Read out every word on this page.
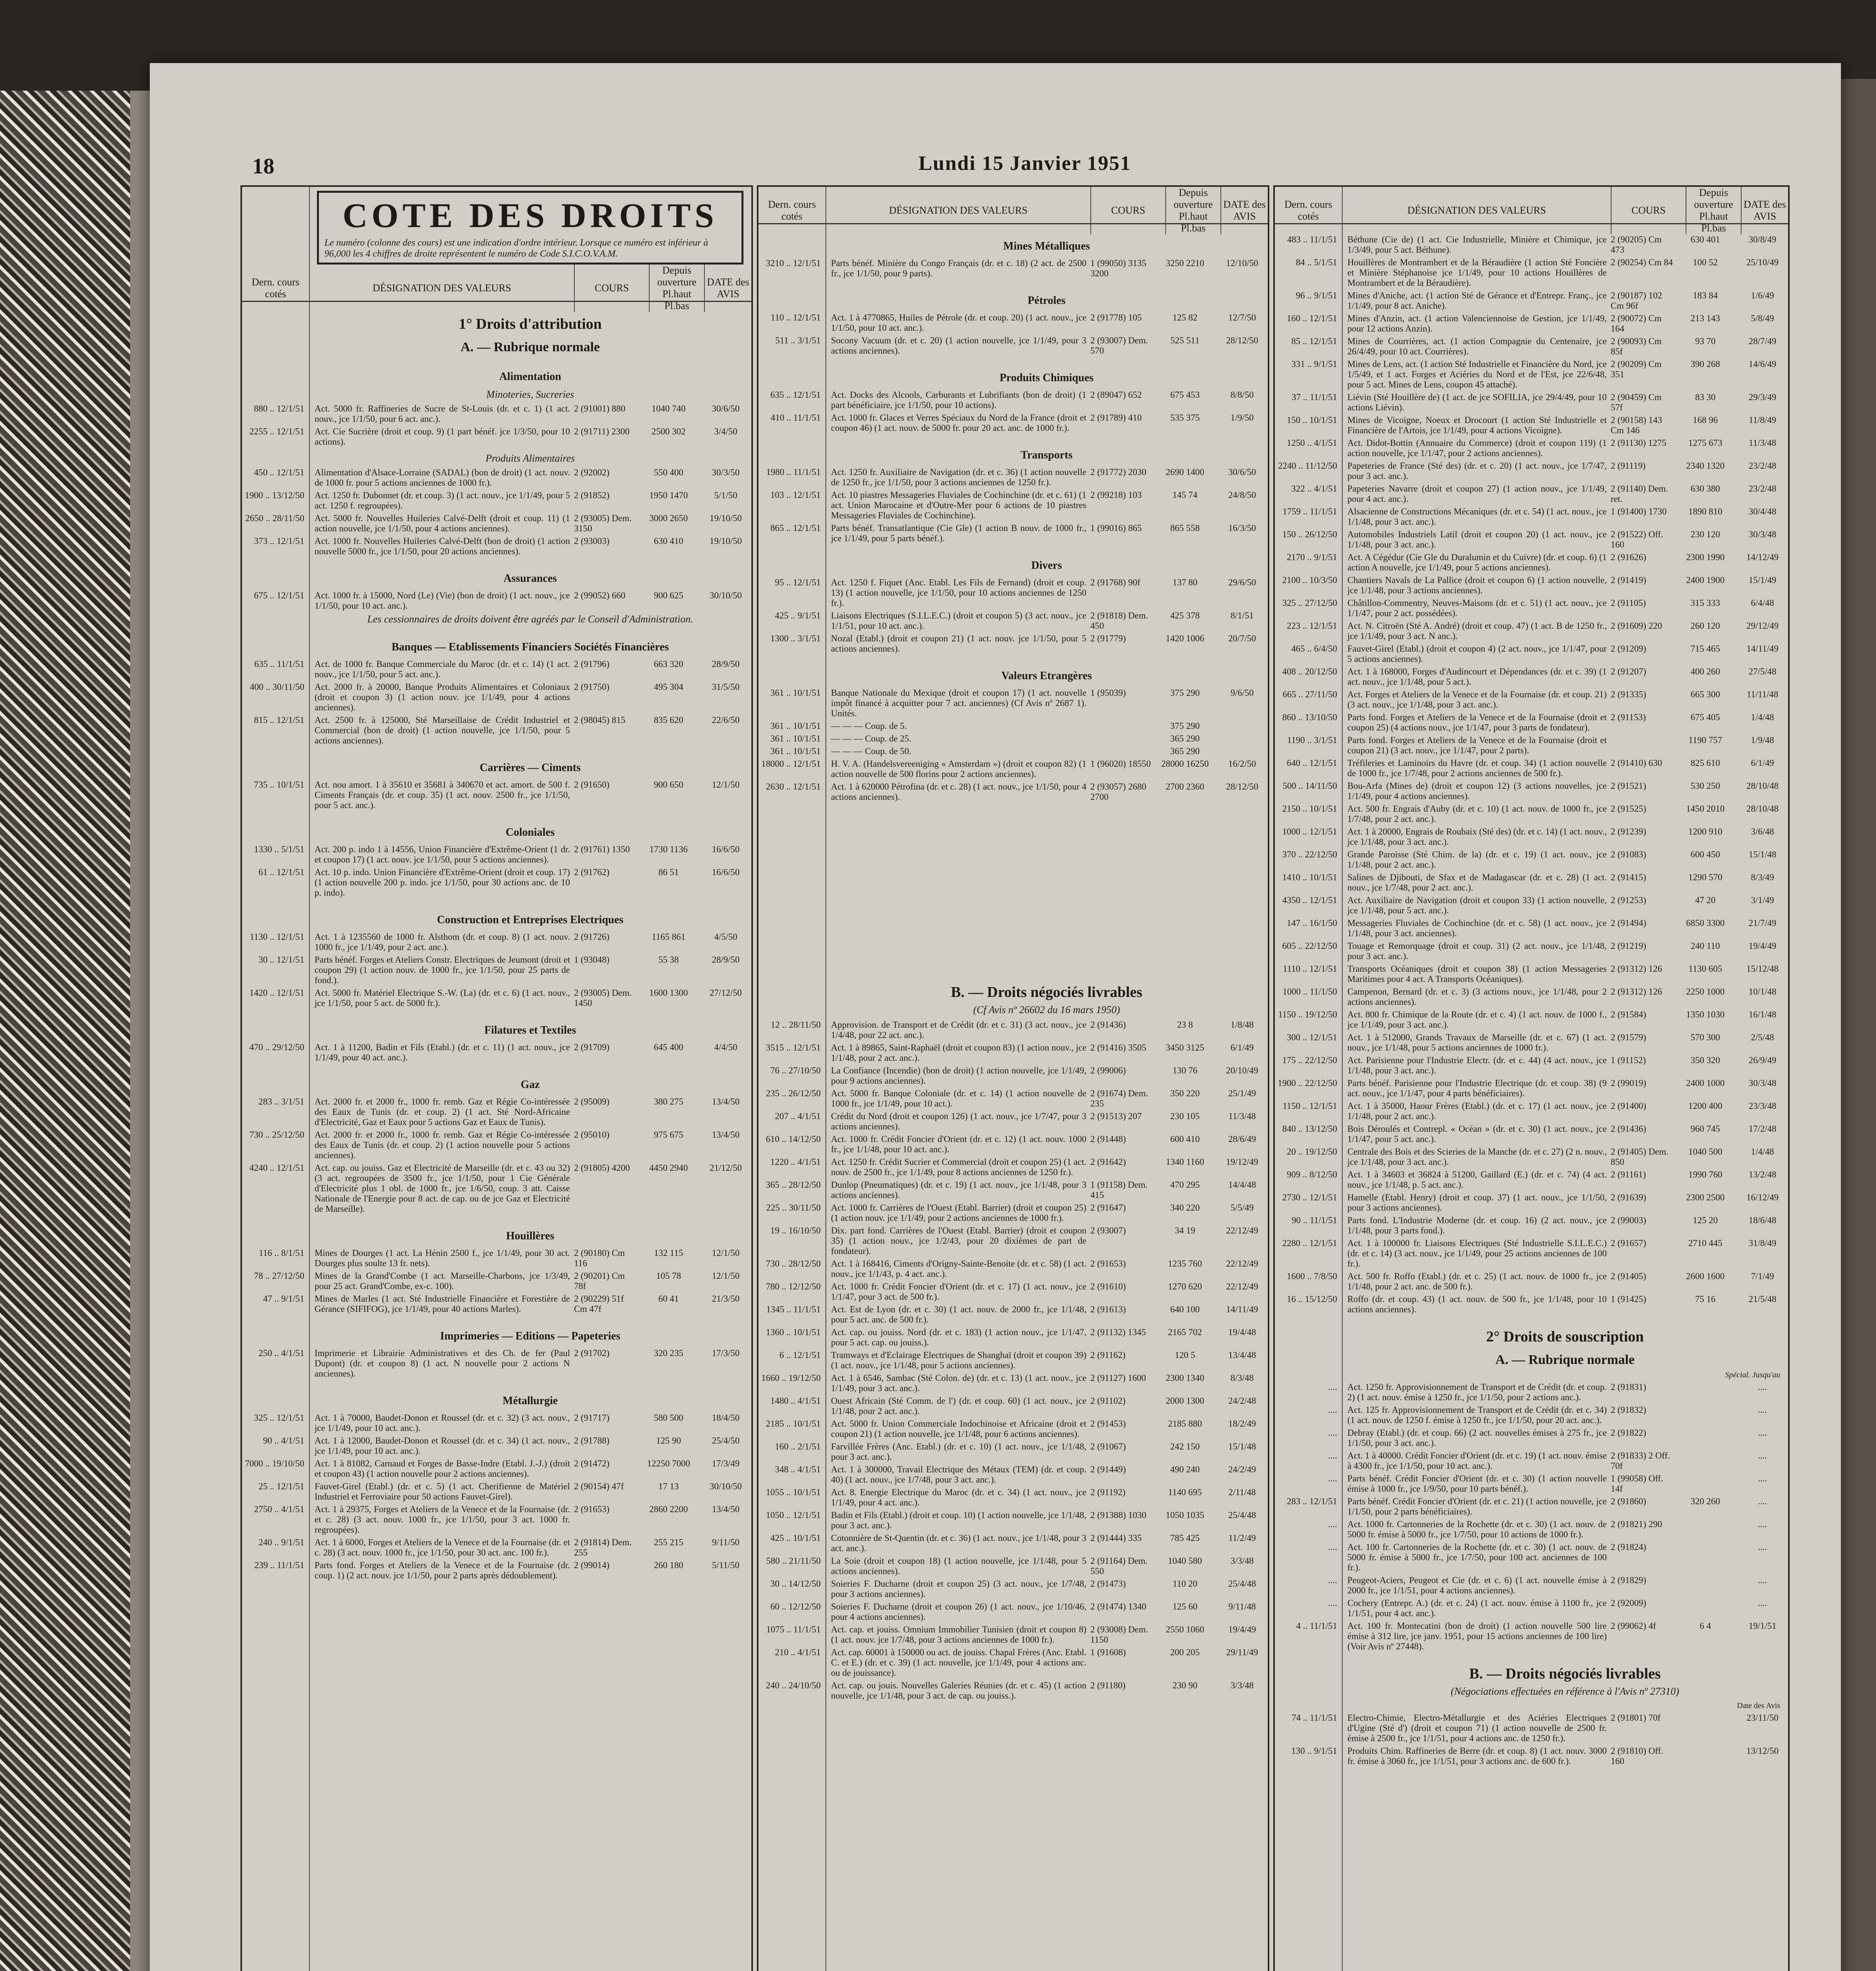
18	Lundi 15 Janvier 1951
COTE DES DROITS

Le numéro (colonne des cours) est une indication d'ordre intérieur. Lorsque ce numéro est inférieur à 96,000 les 4 chiffres de droite représentent le numéro de Code S.I.C.O.V.A.M.

Dern. cours cotés
DÉSIGNATION DES VALEURS	COURS
Depuis ouverture Pl.haut Pl.bas
DATE des AVIS
1° Droits d'attribution
A. — Rubrique normale
Alimentation
Minoteries, Sucreries
880 .. 12/1/51	Act. 5000 fr. Raffineries de Sucre de St-Louis (dr. et c. 1) (1 act. nouv., jce 1/1/50, pour 6 act. anc.).
2 (91001) 880	1040 740	30/6/50
2255 .. 12/1/51	Act. Cie Sucrière (droit et coup. 9) (1 part bénéf. jce 1/3/50, pour 10 actions).
2 (91711) 2300	2500 302	3/4/50
Produits Alimentaires
450 .. 12/1/51	Alimentation d'Alsace-Lorraine (SADAL) (bon de droit) (1 act. nouv. de 1000 fr. pour 5 actions anciennes de 1000 fr.).
2 (92002)	550 400	30/3/50
1900 .. 13/12/50	Act. 1250 fr. Dubonnet (dr. et coup. 3) (1 act. nouv., jce 1/1/49, pour 5 act. 1250 f. regroupées).
2 (91852)	1950 1470	5/1/50
2650 .. 28/11/50	Act. 5000 fr. Nouvelles Huileries Calvé-Delft (droit et coup. 11) (1 action nouvelle, jce 1/1/50, pour 4 actions anciennes).
2 (93005) Dem. 3150
3000 2650	19/10/50
373 .. 12/1/51	Act. 1000 fr. Nouvelles Huileries Calvé-Delft (bon de droit) (1 action nouvelle 5000 fr., jce 1/1/50, pour 20 actions anciennes).
2 (93003)	630 410	19/10/50
Assurances
675 .. 12/1/51	Act. 1000 fr. à 15000, Nord (Le) (Vie) (bon de droit) (1 act. nouv., jce 1/1/50, pour 10 act. anc.).
2 (99052) 660	900 625	30/10/50
Les cessionnaires de droits doivent être agréés par le Conseil d'Administration.
Banques — Etablissements Financiers Sociétés Financières
635 .. 11/1/51	Act. de 1000 fr. Banque Commerciale du Maroc (dr. et c. 14) (1 act. nouv., jce 1/1/50, pour 5 act. anc.).
2 (91796)	663 320	28/9/50
400 .. 30/11/50	Act. 2000 fr. à 20000, Banque Produits Alimentaires et Coloniaux (droit et coupon 3) (1 action nouv. jce 1/1/49, pour 4 actions anciennes).
2 (91750)	495 304	31/5/50
815 .. 12/1/51	Act. 2500 fr. à 125000, Sté Marseillaise de Crédit Industriel et Commercial (bon de droit) (1 action nouvelle, jce 1/1/50, pour 5 actions anciennes).
2 (98045) 815	835 620	22/6/50
Carrières — Ciments
735 .. 10/1/51	Act. nou amort. 1 à 35610 et 35681 à 340670 et act. amort. de 500 f. Ciments Français (dr. et coup. 35) (1 act. nouv. 2500 fr., jce 1/1/50, pour 5 act. anc.).
2 (91650)	900 650	12/1/50
Coloniales
1330 .. 5/1/51	Act. 200 p. indo 1 à 14556, Union Financière d'Extrême-Orient (1 dr. et coupon 17) (1 act. nouv. jce 1/1/50, pour 5 actions anciennes).
2 (91761) 1350	1730 1136	16/6/50
61 .. 12/1/51	Act. 10 p. indo. Union Financière d'Extrême-Orient (droit et coup. 17) (1 action nouvelle 200 p. indo. jce 1/1/50, pour 30 actions anc. de 10 p. indo).
2 (91762)	86 51	16/6/50
Construction et Entreprises Electriques
1130 .. 12/1/51	Act. 1 à 1235560 de 1000 fr. Alsthom (dr. et coup. 8) (1 act. nouv. 1000 fr., jce 1/1/49, pour 2 act. anc.).
2 (91726)	1165 861	4/5/50
30 .. 12/1/51	Parts bénéf. Forges et Ateliers Constr. Electriques de Jeumont (droit et coupon 29) (1 action nouv. de 1000 fr., jce 1/1/50, pour 25 parts de fond.).
1 (93048)	55 38	28/9/50
1420 .. 12/1/51	Act. 5000 fr. Matériel Electrique S.-W. (La) (dr. et c. 6) (1 act. nouv., jce 1/1/50, pour 5 act. de 5000 fr.).
2 (93005) Dem. 1450
1600 1300	27/12/50
Filatures et Textiles
470 .. 29/12/50	Act. 1 à 11200, Badin et Fils (Etabl.) (dr. et c. 11) (1 act. nouv., jce 1/1/49, pour 40 act. anc.).
2 (91709)	645 400	4/4/50
Gaz
283 .. 3/1/51	Act. 2000 fr. et 2000 fr., 1000 fr. remb. Gaz et Régie Co-intéressée des Eaux de Tunis (dr. et coup. 2) (1 act. Sté Nord-Africaine d'Electricité, Gaz et Eaux pour 5 actions Gaz et Eaux de Tunis).
2 (95009)	380 275	13/4/50
730 .. 25/12/50	Act. 2000 fr. et 2000 fr., 1000 fr. remb. Gaz et Régie Co-intéressée des Eaux de Tunis (dr. et coup. 2) (1 action nouvelle pour 5 actions anciennes).
2 (95010)	975 675	13/4/50
4240 .. 12/1/51	Act. cap. ou jouiss. Gaz et Electricité de Marseille (dr. et c. 43 ou 32) (3 act. regroupées de 3500 fr., jce 1/1/50, pour 1 Cie Générale d'Electricité plus 1 obl. de 1000 fr., jce 1/6/50, coup. 3 att. Caisse Nationale de l'Energie pour 8 act. de cap. ou de jce Gaz et Electricité de Marseille).
2 (91805) 4200	4450 2940	21/12/50
Houillères
116 .. 8/1/51	Mines de Dourges (1 act. La Hénin 2500 f., jce 1/1/49, pour 30 act. Dourges plus soulte 13 fr. nets).
2 (90180) Cm 116
132 115	12/1/50
78 .. 27/12/50	Mines de la Grand'Combe (1 act. Marseille-Charbons, jce 1/3/49, pour 25 act. Grand'Combe, ex-c. 100).
2 (90201) Cm 78f
105 78	12/1/50
47 .. 9/1/51	Mines de Marles (1 act. Sté Industrielle Financière et Forestière de Gérance (SIFIFOG), jce 1/1/49, pour 40 actions Marles).
2 (90229) 51f Cm 47f
60 41	21/3/50
Imprimeries — Editions — Papeteries
250 .. 4/1/51	Imprimerie et Librairie Administratives et des Ch. de fer (Paul Dupont) (dr. et coupon 8) (1 act. N nouvelle pour 2 actions N anciennes).
2 (91702)	320 235	17/3/50
Métallurgie
325 .. 12/1/51	Act. 1 à 70000, Baudet-Donon et Roussel (dr. et c. 32) (3 act. nouv., jce 1/1/49, pour 10 act. anc.).
2 (91717)	580 500	18/4/50
90 .. 4/1/51	Act. 1 à 12000, Baudet-Donon et Roussel (dr. et c. 34) (1 act. nouv., jce 1/1/49, pour 10 act. anc.).
2 (91788)	125 90	25/4/50
7000 .. 19/10/50	Act. 1 à 81082, Carnaud et Forges de Basse-Indre (Etabl. J.-J.) (droit et coupon 43) (1 action nouvelle pour 2 actions anciennes).
2 (91472)	12250 7000	17/3/49
25 .. 12/1/51	Fauvet-Girel (Etabl.) (dr. et c. 5) (1 act. Cherifienne de Matériel Industriel et Ferroviaire pour 50 actions Fauvet-Girel).
2 (90154) 47f	17 13	30/10/50
2750 .. 4/1/51	Act. 1 à 29375, Forges et Ateliers de la Venece et de la Fournaise (dr. et c. 28) (3 act. nouv. 1000 fr., jce 1/1/50, pour 3 act. 1000 fr. regroupées).
2 (91653)	2860 2200	13/4/50
240 .. 9/1/51	Act. 1 à 6000, Forges et Ateliers de la Venece et de la Fournaise (dr. et c. 28) (3 act. nouv. 1000 fr., jce 1/1/50, pour 30 act. anc. 100 fr.).
2 (91814) Dem. 255
255 215	9/11/50
239 .. 11/1/51	Parts fond. Forges et Ateliers de la Venece et de la Fournaise (dr. coup. 1) (2 act. nouv. jce 1/1/50, pour 2 parts après dédoublement).
2 (99014)	260 180	5/11/50
Dern. cours cotés
DÉSIGNATION DES VALEURS	COURS
Depuis ouverture Pl.haut Pl.bas
DATE des AVIS
Mines Métalliques
3210 .. 12/1/51	Parts bénéf. Minière du Congo Français (dr. et c. 18) (2 act. de 2500 fr., jce 1/1/50, pour 9 parts).
1 (99050) 3135 3200
3250 2210	12/10/50
Pétroles
110 .. 12/1/51	Act. 1 à 4770865, Huiles de Pétrole (dr. et coup. 20) (1 act. nouv., jce 1/1/50, pour 10 act. anc.).
2 (91778) 105	125 82	12/7/50
511 .. 3/1/51	Socony Vacuum (dr. et c. 20) (1 action nouvelle, jce 1/1/49, pour 3 actions anciennes).
2 (93007) Dem. 570
525 511	28/12/50
Produits Chimiques
635 .. 12/1/51	Act. Docks des Alcools, Carburants et Lubrifiants (bon de droit) (1 part bénéficiaire, jce 1/1/50, pour 10 actions).
2 (89047) 652	675 453	8/8/50
410 .. 11/1/51	Act. 1000 fr. Glaces et Verres Spéciaux du Nord de la France (droit et coupon 46) (1 act. nouv. de 5000 fr. pour 20 act. anc. de 1000 fr.).
2 (91789) 410	535 375	1/9/50
Transports
1980 .. 11/1/51	Act. 1250 fr. Auxiliaire de Navigation (dr. et c. 36) (1 action nouvelle de 1250 fr., jce 1/1/50, pour 3 actions anciennes de 1250 fr.).
2 (91772) 2030	2690 1400	30/6/50
103 .. 12/1/51	Act. 10 piastres Messageries Fluviales de Cochinchine (dr. et c. 61) (1 act. Union Marocaine et d'Outre-Mer pour 6 actions de 10 piastres Messageries Fluviales de Cochinchine).
2 (99218) 103	145 74	24/8/50
865 .. 12/1/51	Parts bénéf. Transatlantique (Cie Gle) (1 action B nouv. de 1000 fr., jce 1/1/49, pour 5 parts bénéf.).
1 (99016) 865	865 558	16/3/50
Divers
95 .. 12/1/51	Act. 1250 f. Fiquet (Anc. Etabl. Les Fils de Fernand) (droit et coup. 13) (1 action nouvelle, jce 1/1/50, pour 10 actions anciennes de 1250 fr.).
2 (91768) 90f	137 80	29/6/50
425 .. 9/1/51	Liaisons Electriques (S.I.L.E.C.) (droit et coupon 5) (3 act. nouv., jce 1/1/51, pour 10 act. anc.).
2 (91818) Dem. 450
425 378	8/1/51
1300 .. 3/1/51	Nozal (Etabl.) (droit et coupon 21) (1 act. nouv. jce 1/1/50, pour 5 actions anciennes).
2 (91779)	1420 1006	20/7/50
Valeurs Etrangères
361 .. 10/1/51	Banque Nationale du Mexique (droit et coupon 17) (1 act. nouvelle impôt financé à acquitter pour 7 act. anciennes) (Cf Avis nº 2687 1). Unités.
1 (95039)	375 290	9/6/50
361 .. 10/1/51	— — — Coup. de 5.	375 290
361 .. 10/1/51	— — — Coup. de 25.	365 290
361 .. 10/1/51	— — — Coup. de 50.	365 290
18000 .. 12/1/51	H. V. A. (Handelsvereeniging « Amsterdam ») (droit et coupon 82) (1 action nouvelle de 500 florins pour 2 actions anciennes).
1 (96020) 18550	28000 16250	16/2/50
2630 .. 12/1/51	Act. 1 à 620000 Pétrofina (dr. et c. 28) (1 act. nouv., jce 1/1/50, pour 4 actions anciennes).
2 (93057) 2680 2700
2700 2360	28/12/50
B. — Droits négociés livrables
(Cf Avis nº 26602 du 16 mars 1950)
12 .. 28/11/50	Approvision. de Transport et de Crédit (dr. et c. 31) (3 act. nouv., jce 1/4/48, pour 22 act. anc.).
2 (91436)	23 8	1/8/48
3515 .. 12/1/51	Act. 1 à 89865, Saint-Raphaël (droit et coupon 83) (1 action nouv., jce 1/1/48, pour 2 act. anc.).
2 (91416) 3505	3450 3125	6/1/49
76 .. 27/10/50	La Confiance (Incendie) (bon de droit) (1 action nouvelle, jce 1/1/49, pour 9 actions anciennes).
2 (99006)	130 76	20/10/49
235 .. 26/12/50	Act. 5000 fr. Banque Coloniale (dr. et c. 14) (1 action nouvelle de 1000 fr., jce 1/1/49, pour 10 act.).
2 (91674) Dem. 235
350 220	25/1/49
207 .. 4/1/51	Crédit du Nord (droit et coupon 126) (1 act. nouv., jce 1/7/47, pour 3 actions anciennes).
2 (91513) 207	230 105	11/3/48
610 .. 14/12/50	Act. 1000 fr. Crédit Foncier d'Orient (dr. et c. 12) (1 act. nouv. 1000 fr., jce 1/1/48, pour 10 act. anc.).
2 (91448)	600 410	28/6/49
1220 .. 4/1/51	Act. 1250 fr. Crédit Sucrier et Commercial (droit et coupon 25) (1 act. nouv. de 2500 fr., jce 1/1/49, pour 8 actions anciennes de 1250 fr.).
2 (91642)	1340 1160	19/12/49
365 .. 28/12/50	Dunlop (Pneumatiques) (dr. et c. 19) (1 act. nouv., jce 1/1/48, pour 3 actions anciennes).
1 (91158) Dem. 415
470 295	14/4/48
225 .. 30/11/50	Act. 1000 fr. Carrières de l'Ouest (Etabl. Barrier) (droit et coupon 25) (1 action nouv. jce 1/1/49, pour 2 actions anciennes de 1000 fr.).
2 (91647)	340 220	5/5/49
19 .. 16/10/50	Dix. part fond. Carrières de l'Ouest (Etabl. Barrier) (droit et coupon 35) (1 action nouv., jce 1/2/43, pour 20 dixièmes de part de fondateur).
2 (93007)	34 19	22/12/49
730 .. 28/12/50	Act. 1 à 168416, Ciments d'Origny-Sainte-Benoite (dr. et c. 58) (1 act. nouv., jce 1/1/43, p. 4 act. anc.).
2 (91653)	1235 760	22/12/49
780 .. 12/12/50	Act. 1000 fr. Crédit Foncier d'Orient (dr. et c. 17) (1 act. nouv., jce 1/1/47, pour 3 act. de 500 fr.).
2 (91610)	1270 620	22/12/49
1345 .. 11/1/51	Act. Est de Lyon (dr. et c. 30) (1 act. nouv. de 2000 fr., jce 1/1/48, pour 5 act. anc. de 500 fr.).
2 (91613)	640 100	14/11/49
1360 .. 10/1/51	Act. cap. ou jouiss. Nord (dr. et c. 183) (1 action nouv., jce 1/1/47, pour 5 act. cap. ou jouiss.).
2 (91132) 1345	2165 702	19/4/48
6 .. 12/1/51	Tramways et d'Eclairage Electriques de Shanghaï (droit et coupon 39) (1 act. nouv., jce 1/1/48, pour 5 actions anciennes).
2 (91162)	120 5	13/4/48
1660 .. 19/12/50	Act. 1 à 6546, Sambac (Sté Colon. de) (dr. et c. 13) (1 act. nouv., jce 1/1/49, pour 3 act. anc.).
2 (91127) 1600	2300 1340	8/3/48
1480 .. 4/1/51	Ouest Africain (Sté Comm. de l') (dr. et coup. 60) (1 act. nouv., jce 1/1/48, pour 2 act. anc.).
2 (91102)	2000 1300	24/2/48
2185 .. 10/1/51	Act. 5000 fr. Union Commerciale Indochinoise et Africaine (droit et coupon 21) (1 action nouvelle, jce 1/1/48, pour 6 actions anciennes).
2 (91453)	2185 880	18/2/49
160 .. 2/1/51	Farvillée Frères (Anc. Etabl.) (dr. et c. 10) (1 act. nouv., jce 1/1/48, pour 3 act. anc.).
2 (91067)	242 150	15/1/48
348 .. 4/1/51	Act. 1 à 300000, Travail Electrique des Métaux (TEM) (dr. et coup. 40) (1 act. nouv., jce 1/7/48, pour 3 act. anc.).
2 (91449)	490 240	24/2/49
1055 .. 10/1/51	Act. 8. Energie Electrique du Maroc (dr. et c. 34) (1 act. nouv., jce 1/1/49, pour 4 act. anc.).
2 (91192)	1140 695	2/11/48
1050 .. 12/1/51	Badin et Fils (Etabl.) (droit et coup. 10) (1 action nouvelle, jce 1/1/48, pour 3 act. anc.).
2 (91388) 1030	1050 1035	25/4/48
425 .. 10/1/51	Cotonnière de St-Quentin (dr. et c. 36) (1 act. nouv., jce 1/1/48, pour 3 act. anc.).
2 (91444) 335	785 425	11/2/49
580 .. 21/11/50	La Soie (droit et coupon 18) (1 action nouvelle, jce 1/1/48, pour 5 actions anciennes).
2 (91164) Dem. 550
1040 580	3/3/48
30 .. 14/12/50	Soieries F. Ducharne (droit et coupon 25) (3 act. nouv., jce 1/7/48, pour 3 actions anciennes).
2 (91473)	110 20	25/4/48
60 .. 12/12/50	Soieries F. Ducharne (droit et coupon 26) (1 act. nouv., jce 1/10/46, pour 4 actions anciennes).
2 (91474) 1340	125 60	9/11/48
1075 .. 11/1/51	Act. cap. et jouiss. Omnium Immobilier Tunisien (droit et coupon 8) (1 act. nouv. jce 1/7/48, pour 3 actions anciennes de 1000 fr.).
2 (93008) Dem. 1150
2550 1060	19/4/49
210 .. 4/1/51	Act. cap. 60001 à 150000 ou act. de jouiss. Chapal Frères (Anc. Etabl. C. et E.) (dr. et c. 39) (1 act. nouvelle, jce 1/1/49, pour 4 actions anc. ou de jouissance).
1 (91608)	200 205	29/11/49
240 .. 24/10/50	Act. cap. ou jouis. Nouvelles Galeries Réunies (dr. et c. 45) (1 action nouvelle, jce 1/1/48, pour 3 act. de cap. ou jouiss.).
2 (91180)	230 90	3/3/48
Dern. cours cotés
DÉSIGNATION DES VALEURS	COURS
Depuis ouverture Pl.haut Pl.bas
DATE des AVIS
483 .. 11/1/51	Béthune (Cie de) (1 act. Cie Industrielle, Minière et Chimique, jce 1/3/49, pour 5 act. Béthune).
2 (90205) Cm 473
630 401	30/8/49
84 .. 5/1/51	Houillères de Montrambert et de la Béraudière (1 action Sté Foncière et Minière Stéphanoise jce 1/1/49, pour 10 actions Houillères de Montrambert et de la Béraudière).
2 (90254) Cm 84	100 52	25/10/49
96 .. 9/1/51	Mines d'Aniche, act. (1 action Sté de Gérance et d'Entrepr. Franç., jce 1/1/49, pour 8 act. Aniche).
2 (90187) 102 Cm 96f
183 84	1/6/49
160 .. 12/1/51	Mines d'Anzin, act. (1 action Valenciennoise de Gestion, jce 1/1/49, pour 12 actions Anzin).
2 (90072) Cm 164
213 143	5/8/49
85 .. 12/1/51	Mines de Courrières, act. (1 action Compagnie du Centenaire, jce 26/4/49, pour 10 act. Courrières).
2 (90093) Cm 85f
93 70	28/7/49
331 .. 9/1/51	Mines de Lens, act. (1 action Sté Industrielle et Financière du Nord, jce 1/5/49, et 1 act. Forges et Aciéries du Nord et de l'Est, jce 22/6/48, pour 5 act. Mines de Lens, coupon 45 attaché).
2 (90209) Cm 351
390 268	14/6/49
37 .. 11/1/51	Liévin (Sté Houillère de) (1 act. de jce SOFILIA, jce 29/4/49, pour 10 actions Liévin).
2 (90459) Cm 57f
83 30	29/3/49
150 .. 10/1/51	Mines de Vicoigne, Noeux et Drocourt (1 action Sté Industrielle et Financière de l'Artois, jce 1/1/49, pour 4 actions Vicoigne).
2 (90158) 143 Cm 146
168 96	11/8/49
1250 .. 4/1/51	Act. Didot-Bottin (Annuaire du Commerce) (droit et coupon 119) (1 action nouvelle, jce 1/1/47, pour 2 actions anciennes).
2 (91130) 1275	1275 673	11/3/48
2240 .. 11/12/50	Papeteries de France (Sté des) (dr. et c. 20) (1 act. nouv., jce 1/7/47, pour 3 act. anc.).
2 (91119)	2340 1320	23/2/48
322 .. 4/1/51	Papeteries Navarre (droit et coupon 27) (1 action nouv., jce 1/1/49, pour 4 act. anc.).
2 (91140) Dem. ret.
630 380	23/2/48
1759 .. 11/1/51	Alsacienne de Constructions Mécaniques (dr. et c. 54) (1 act. nouv., jce 1/1/48, pour 3 act. anc.).
1 (91400) 1730	1890 810	30/4/48
150 .. 26/12/50	Automobiles Industriels Latil (droit et coupon 20) (1 act. nouv., jce 1/1/48, pour 3 act. anc.).
2 (91522) Off. 160
230 120	30/3/48
2170 .. 9/1/51	Act. A Cégédur (Cie Gle du Duralumin et du Cuivre) (dr. et coup. 6) (1 action A nouvelle, jce 1/1/49, pour 5 actions anciennes).
2 (91626)	2300 1990	14/12/49
2100 .. 10/3/50	Chantiers Navals de La Pallice (droit et coupon 6) (1 action nouvelle, jce 1/1/48, pour 3 actions anciennes).
2 (91419)	2400 1900	15/1/49
325 .. 27/12/50	Châtillon-Commentry, Neuves-Maisons (dr. et c. 51) (1 act. nouv., jce 1/1/47, pour 2 act. possédées).
2 (91105)	315 333	6/4/48
223 .. 12/1/51	Act. N. Citroën (Sté A. André) (droit et coup. 47) (1 act. B de 1250 fr., jce 1/1/49, pour 3 act. N anc.).
2 (91609) 220	260 120	29/12/49
465 .. 6/4/50	Fauvet-Girel (Etabl.) (droit et coupon 4) (2 act. nouv., jce 1/1/47, pour 5 actions anciennes).
2 (91209)	715 465	14/11/49
408 .. 20/12/50	Act. 1 à 168000, Forges d'Audincourt et Dépendances (dr. et c. 39) (1 act. nouv., jce 1/1/48, pour 5 act.).
2 (91207)	400 260	27/5/48
665 .. 27/11/50	Act. Forges et Ateliers de la Venece et de la Fournaise (dr. et coup. 21) (3 act. nouv., jce 1/1/48, pour 3 act. anc.).
2 (91335)	665 300	11/11/48
860 .. 13/10/50	Parts fond. Forges et Ateliers de la Venece et de la Fournaise (droit et coupon 25) (4 actions nouv., jce 1/1/47, pour 3 parts de fondateur).
2 (91153)	675 405	1/4/48
1190 .. 3/1/51	Parts fond. Forges et Ateliers de la Venece et de la Fournaise (droit et coupon 21) (3 act. nouv., jce 1/1/47, pour 2 parts).
1190 757	1/9/48
640 .. 12/1/51	Tréfileries et Laminoirs du Havre (dr. et coup. 34) (1 action nouvelle de 1000 fr., jce 1/7/48, pour 2 actions anciennes de 500 fr.).
2 (91410) 630	825 610	6/1/49
500 .. 14/11/50	Bou-Arfa (Mines de) (droit et coupon 12) (3 actions nouvelles, jce 1/1/49, pour 4 actions anciennes).
2 (91521)	530 250	28/10/48
2150 .. 10/1/51	Act. 500 fr. Engrais d'Auby (dr. et c. 10) (1 act. nouv. de 1000 fr., jce 1/7/48, pour 2 act. anc.).
2 (91525)	1450 2010	28/10/48
1000 .. 12/1/51	Act. 1 à 20000, Engrais de Roubaix (Sté des) (dr. et c. 14) (1 act. nouv., jce 1/1/48, pour 3 act. anc.).
2 (91239)	1200 910	3/6/48
370 .. 22/12/50	Grande Paroisse (Sté Chim. de la) (dr. et c. 19) (1 act. nouv., jce 1/1/48, pour 2 act. anc.).
2 (91083)	600 450	15/1/48
1410 .. 10/1/51	Salines de Djibouti, de Sfax et de Madagascar (dr. et c. 28) (1 act. nouv., jce 1/7/48, pour 2 act. anc.).
2 (91415)	1290 570	8/3/49
4350 .. 12/1/51	Act. Auxiliaire de Navigation (droit et coupon 33) (1 action nouvelle, jce 1/1/48, pour 5 act. anc.).
2 (91253)	47 20	3/1/49
147 .. 16/1/50	Messageries Fluviales de Cochinchine (dr. et c. 58) (1 act. nouv., jce 1/1/48, pour 3 act. anciennes).
2 (91494)	6850 3300	21/7/49
605 .. 22/12/50	Touage et Remorquage (droit et coup. 31) (2 act. nouv., jce 1/1/48, pour 3 act. anc.).
2 (91219)	240 110	19/4/49
1110 .. 12/1/51	Transports Océaniques (droit et coupon 38) (1 action Messageries Maritimes pour 4 act. A Transports Océaniques).
2 (91312) 126	1130 605	15/12/48
1000 .. 11/1/50	Campenon, Bernard (dr. et c. 3) (3 actions nouv., jce 1/1/48, pour 2 actions anciennes).
2 (91312) 126	2250 1000	10/1/48
1150 .. 19/12/50	Act. 800 fr. Chimique de la Route (dr. et c. 4) (1 act. nouv. de 1000 f., jce 1/1/49, pour 3 act. anc.).
2 (91584)	1350 1030	16/1/48
300 .. 12/1/51	Act. 1 à 512000, Grands Travaux de Marseille (dr. et c. 67) (1 act. nouv., jce 1/1/48, pour 5 actions anciennes de 1000 fr.).
2 (91579)	570 300	2/5/48
175 .. 22/12/50	Act. Parisienne pour l'Industrie Electr. (dr. et c. 44) (4 act. nouv., jce 1/1/48, pour 3 act. anc.).
1 (91152)	350 320	26/9/49
1900 .. 22/12/50	Parts bénéf. Parisienne pour l'Industrie Electrique (dr. et coup. 38) (9 act. nouv., jce 1/1/47, pour 4 parts bénéficiaires).
2 (99019)	2400 1000	30/3/48
1150 .. 12/1/51	Act. 1 à 35000, Haour Frères (Etabl.) (dr. et c. 17) (1 act. nouv., jce 1/1/48, pour 2 act. anc.).
2 (91400)	1200 400	23/3/48
840 .. 13/12/50	Bois Déroulés et Contrepl. « Océan » (dr. et c. 30) (1 act. nouv., jce 1/1/47, pour 5 act. anc.).
2 (91436)	960 745	17/2/48
20 .. 19/12/50	Centrale des Bois et des Scieries de la Manche (dr. et c. 27) (2 n. nouv., jce 1/1/48, pour 3 act. anc.).
2 (91405) Dem. 850
1040 500	1/4/48
909 .. 8/12/50	Act. 1 à 34603 et 36824 à 51200, Gaillard (E.) (dr. et c. 74) (4 act. nouv., jce 1/1/48, p. 5 act. anc.).
2 (91161)	1990 760	13/2/48
2730 .. 12/1/51	Hamelle (Etabl. Henry) (droit et coup. 37) (1 act. nouv., jce 1/1/50, pour 3 actions anciennes).
2 (91639)	2300 2500	16/12/49
90 .. 11/1/51	Parts fond. L'Industrie Moderne (dr. et coup. 16) (2 act. nouv., jce 1/1/48, pour 3 parts fond.).
2 (99003)	125 20	18/6/48
2280 .. 12/1/51	Act. 1 à 100000 fr. Liaisons Electriques (Sté Industrielle S.I.L.E.C.) (dr. et c. 14) (3 act. nouv., jce 1/1/49, pour 25 actions anciennes de 100 fr.).
2 (91657)	2710 445	31/8/49
1600 .. 7/8/50	Act. 500 fr. Roffo (Etabl.) (dr. et c. 25) (1 act. nouv. de 1000 fr., jce 1/1/48, pour 2 act. anc. de 500 fr.).
2 (91405)	2600 1600	7/1/49
16 .. 15/12/50	Roffo (dr. et coup. 43) (1 act. nouv. de 500 fr., jce 1/1/48, pour 10 actions anciennes).
1 (91425)	75 16	21/5/48
2° Droits de souscription
A. — Rubrique normale
Spécial. Jusqu'au
....	Act. 1250 fr. Approvisionnement de Transport et de Crédit (dr. et coup. 2) (1 act. nouv. émise à 1250 fr., jce 1/1/50, pour 2 actions anc.).
2 (91831)	....
....	Act. 125 fr. Approvisionnement de Transport et de Crédit (dr. et c. 34) (1 act. nouv. de 1250 f. émise à 1250 fr., jce 1/1/50, pour 20 act. anc.).
2 (91832)	....
....	Debray (Etabl.) (dr. et coup. 66) (2 act. nouvelles émises à 275 fr., jce 1/1/50, pour 3 act. anc.).
2 (91822)	....
....	Act. 1 à 40000. Crédit Foncier d'Orient (dr. et c. 19) (1 act. nouv. émise à 4300 fr., jce 1/1/50, pour 10 act. anc.).
2 (91833) 2 Off. 70f
....
....	Parts bénéf. Crédit Foncier d'Orient (dr. et c. 30) (1 action nouvelle émise à 1000 fr., jce 1/9/50, pour 10 parts bénéf.).
1 (99058) Off. 14f
....
283 .. 12/1/51	Parts bénéf. Crédit Foncier d'Orient (dr. et c. 21) (1 action nouvelle, jce 1/1/50, pour 2 parts bénéficiaires).
2 (91860)	320 260	....
....	Act. 1000 fr. Cartonneries de la Rochette (dr. et c. 30) (1 act. nouv. de 5000 fr. émise à 5000 fr., jce 1/7/50, pour 10 actions de 1000 fr.).
2 (91821) 290	....
....	Act. 100 fr. Cartonneries de la Rochette (dr. et c. 30) (1 act. nouv. de 5000 fr. émise à 5000 fr., jce 1/7/50, pour 100 act. anciennes de 100 fr.).
2 (91824)	....
....	Peugeot-Aciers, Peugeot et Cie (dr. et c. 6) (1 act. nouvelle émise à 2000 fr., jce 1/1/51, pour 4 actions anciennes).
2 (91829)	....
....	Cochery (Entrepr. A.) (dr. et c. 24) (1 act. nouv. émise à 1100 fr., jce 1/1/51, pour 4 act. anc.).
2 (92009)	....
4 .. 11/1/51	Act. 100 fr. Montecatini (bon de droit) (1 action nouvelle 500 lire émise à 312 lire, jce janv. 1951, pour 15 actions anciennes de 100 lire) (Voir Avis nº 27448).
2 (99062) 4f	6 4	19/1/51
B. — Droits négociés livrables
(Négociations effectuées en référence à l'Avis nº 27310)
Date des Avis
74 .. 11/1/51	Electro-Chimie, Electro-Métallurgie et des Aciéries Electriques d'Ugine (Sté d') (droit et coupon 71) (1 action nouvelle de 2500 fr. émise à 2500 fr., jce 1/1/51, pour 4 actions anc. de 1250 fr.).
2 (91801) 70f	23/11/50
130 .. 9/1/51	Produits Chim. Raffineries de Berre (dr. et coup. 8) (1 act. nouv. 3000 fr. émise à 3060 fr., jce 1/1/51, pour 3 actions anc. de 600 fr.).
2 (91810) Off. 160
13/12/50
